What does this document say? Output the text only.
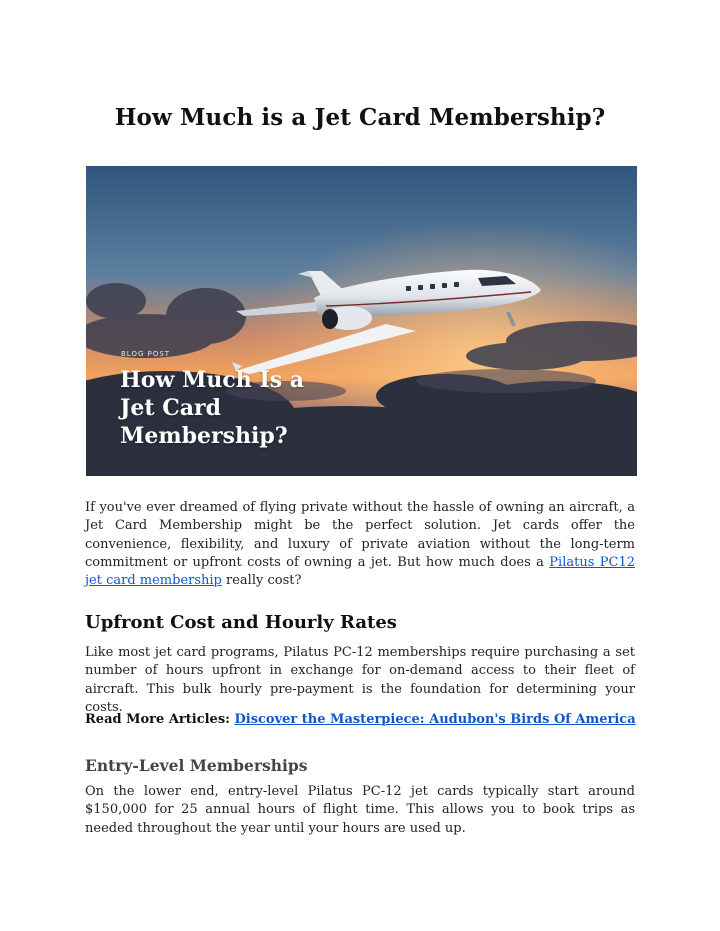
How Much is a Jet Card Membership?
BLOG POST
How Much Is a
Jet Card
Membership?

If you've ever dreamed of flying private without the hassle of owning an aircraft, a Jet Card Membership might be the perfect solution. Jet cards offer the convenience, flexibility, and luxury of private aviation without the long-term commitment or upfront costs of owning a jet. But how much does a Pilatus PC12 jet card membership really cost?

Upfront Cost and Hourly Rates

Like most jet card programs, Pilatus PC-12 memberships require purchasing a set number of hours upfront in exchange for on-demand access to their fleet of aircraft. This bulk hourly pre-payment is the foundation for determining your costs.

Read More Articles: Discover the Masterpiece: Audubon's Birds Of America

Entry-Level Memberships

On the lower end, entry-level Pilatus PC-12 jet cards typically start around $150,000 for 25 annual hours of flight time. This allows you to book trips as needed throughout the year until your hours are used up.
